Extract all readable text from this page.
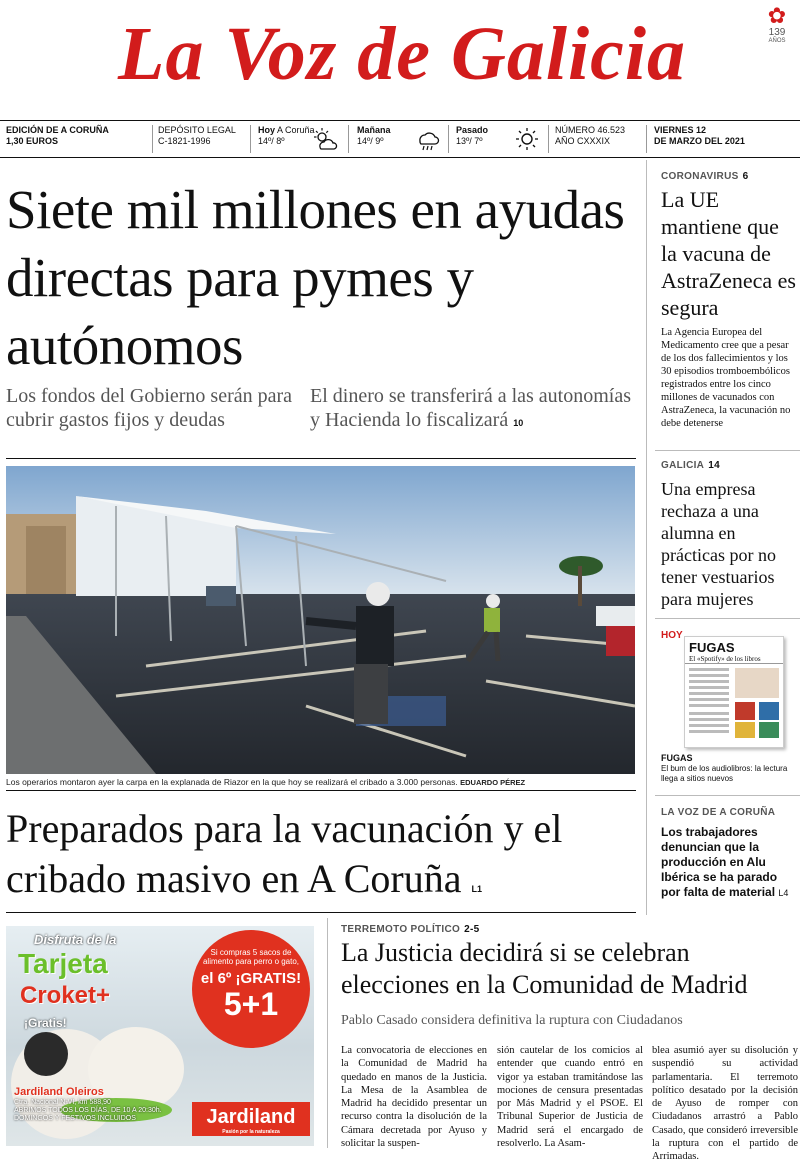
La Voz de Galicia	✿
139
AÑOS
EDICIÓN DE A CORUÑA
1,30 EUROS
DEPÓSITO LEGAL
C-1821-1996
Hoy A Coruña
14º/ 8º
Mañana
14º/ 9º
Pasado
13º/ 7º
NÚMERO 46.523
AÑO CXXXIX
VIERNES 12
DE MARZO DEL 2021
Siete mil millones en ayudas directas para pymes y autónomos
Los fondos del Gobierno serán para cubrir gastos fijos y deudas
El dinero se transferirá a las autonomías y Hacienda lo fiscalizará 10
Los operarios montaron ayer la carpa en la explanada de Riazor en la que hoy se realizará el cribado a 3.000 personas. EDUARDO PÉREZ
Preparados para la vacunación y el cribado masivo en A Coruña L1
CORONAVIRUS 6
La UE mantiene que la vacuna de AstraZeneca es segura
La Agencia Europea del Medicamento cree que a pesar de los dos fallecimientos y los 30 episodios tromboembólicos registrados entre los cinco millones de vacunados con AstraZeneca, la vacunación no debe detenerse
GALICIA 14
Una empresa rechaza a una alumna en prácticas por no tener vestuarios para mujeres
HOY
FUGAS
El «Spotify» de los libros
FUGAS
El bum de los audiolibros: la lectura llega a sitios nuevos
LA VOZ DE A CORUÑA
Los trabajadores denuncian que la producción en Alu Ibérica se ha parado por falta de material L4
Disfruta de la
Tarjeta
Croket+
¡Gratis!
Si compras 5 sacos de alimento para perro o gato,
el 6º ¡GRATIS!
5+1
Jardiland Oleiros
Ctra. Nacional N-VI, km 588,90
ABRIMOS TODOS LOS DÍAS, DE 10 A 20:30h. DOMINGOS Y FESTIVOS INCLUIDOS	Jardiland
Pasión por la naturaleza
TERREMOTO POLÍTICO 2-5
La Justicia decidirá si se celebran elecciones en la Comunidad de Madrid
Pablo Casado considera definitiva la ruptura con Ciudadanos
La convocatoria de elecciones en la Comunidad de Madrid ha quedado en manos de la Justicia. La Mesa de la Asamblea de Madrid ha decidido presentar un recurso contra la disolución de la Cámara decretada por Ayuso y solicitar la suspen-
sión cautelar de los comicios al entender que cuando entró en vigor ya estaban tramitándose las mociones de censura presentadas por Más Madrid y el PSOE. El Tribunal Superior de Justicia de Madrid será el encargado de resolverlo. La Asam-
blea asumió ayer su disolución y suspendió su actividad parlamentaria. El terremoto político desatado por la decisión de Ayuso de romper con Ciudadanos arrastró a Pablo Casado, que consideró irreversible la ruptura con el partido de Arrimadas.
